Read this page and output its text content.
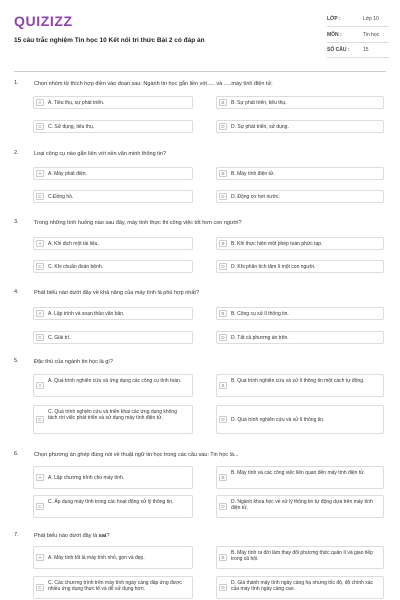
QUIZIZZ
15 câu trắc nghiệm Tin học 10 Kết nối tri thức Bài 2 có đáp án
LỚP :	Lớp 10
MÔN :	Tin học
SỐ CÂU :	15
1.	Chọn nhóm từ thích hợp điền vào đoạn sau: Ngành tin học gắn liền với..... và .....máy tính điện tử:
A	A. Tiêu thụ, sự phát triển.	B	B. Sự phát triển, tiêu thụ.
C	C. Sử dụng, tiêu thụ.	D	D. Sự phát triển, sử dụng.
2.	Loại công cụ nào gắn liền với nền văn minh thông tin?
A	A. Máy phát điện.	B	B. Máy tính điện tử.
C	C.Đồng hồ.	D	D. Động cơ hơi nước.
3.	Trong những tình huống nào sau đây, máy tính thực thi công việc tốt hơn con người?
A	A. Khi dịch một tài liệu.	B	B. Khi thực hiện một phép toán phức tạp.
C	C. Khi chuẩn đoán bệnh.	D	D. Khi phân tích tâm lí một con người.
4.	Phát biểu nào dưới đây về khả năng của máy tính là phù hợp nhất?
A	A. Lập trình và soạn thảo văn bản.	B	B. Công cụ xử lí thông tin.
C	C. Giải trí.	D	D. Tất cả phương án trên.
5.	Đặc thù của ngành tin học là gì?
A
A. Quá trình nghiên cứu và ứng dụng các công cụ tính toán.
B
B. Quá trình nghiên cứu và xử lí thông tin một cách tự động.
C
C. Quá trình nghiên cứu và triển khai các ứng dụng không tách rời việc phát triển và sử dụng máy tính điện tử.	D	D. Quá trình nghiên cứu và xử lí thông tin.
6.	Chọn phương án ghép đúng nói về thuật ngữ tin học trong các câu sau: Tin học là...
A	A. Lập chương trình cho máy tính.	B
B. Máy tính và các công việc liên quan đến máy tính điện tử.
C
C. Áp dụng máy tính trong các hoạt động xử lý thông tin.
D
D. Ngành khoa học về xử lý thông tin tự động dựa trên máy tính điện tử.
7.	Phát biểu nào dưới đây là sai?
A	A. Máy tính tốt là máy tính nhỏ, gọn và đẹp.	B
B. Máy tính ra đời làm thay đổi phương thức quản lí và giao tiếp trong xã hội.
C
C. Các chương trình trên máy tính ngày càng đáp ứng được nhiều ứng dụng thực tế và dễ sử dụng hơn.	D
D. Giá thành máy tính ngày càng hạ nhưng tốc độ, độ chính xác của máy tính ngày càng cao.
